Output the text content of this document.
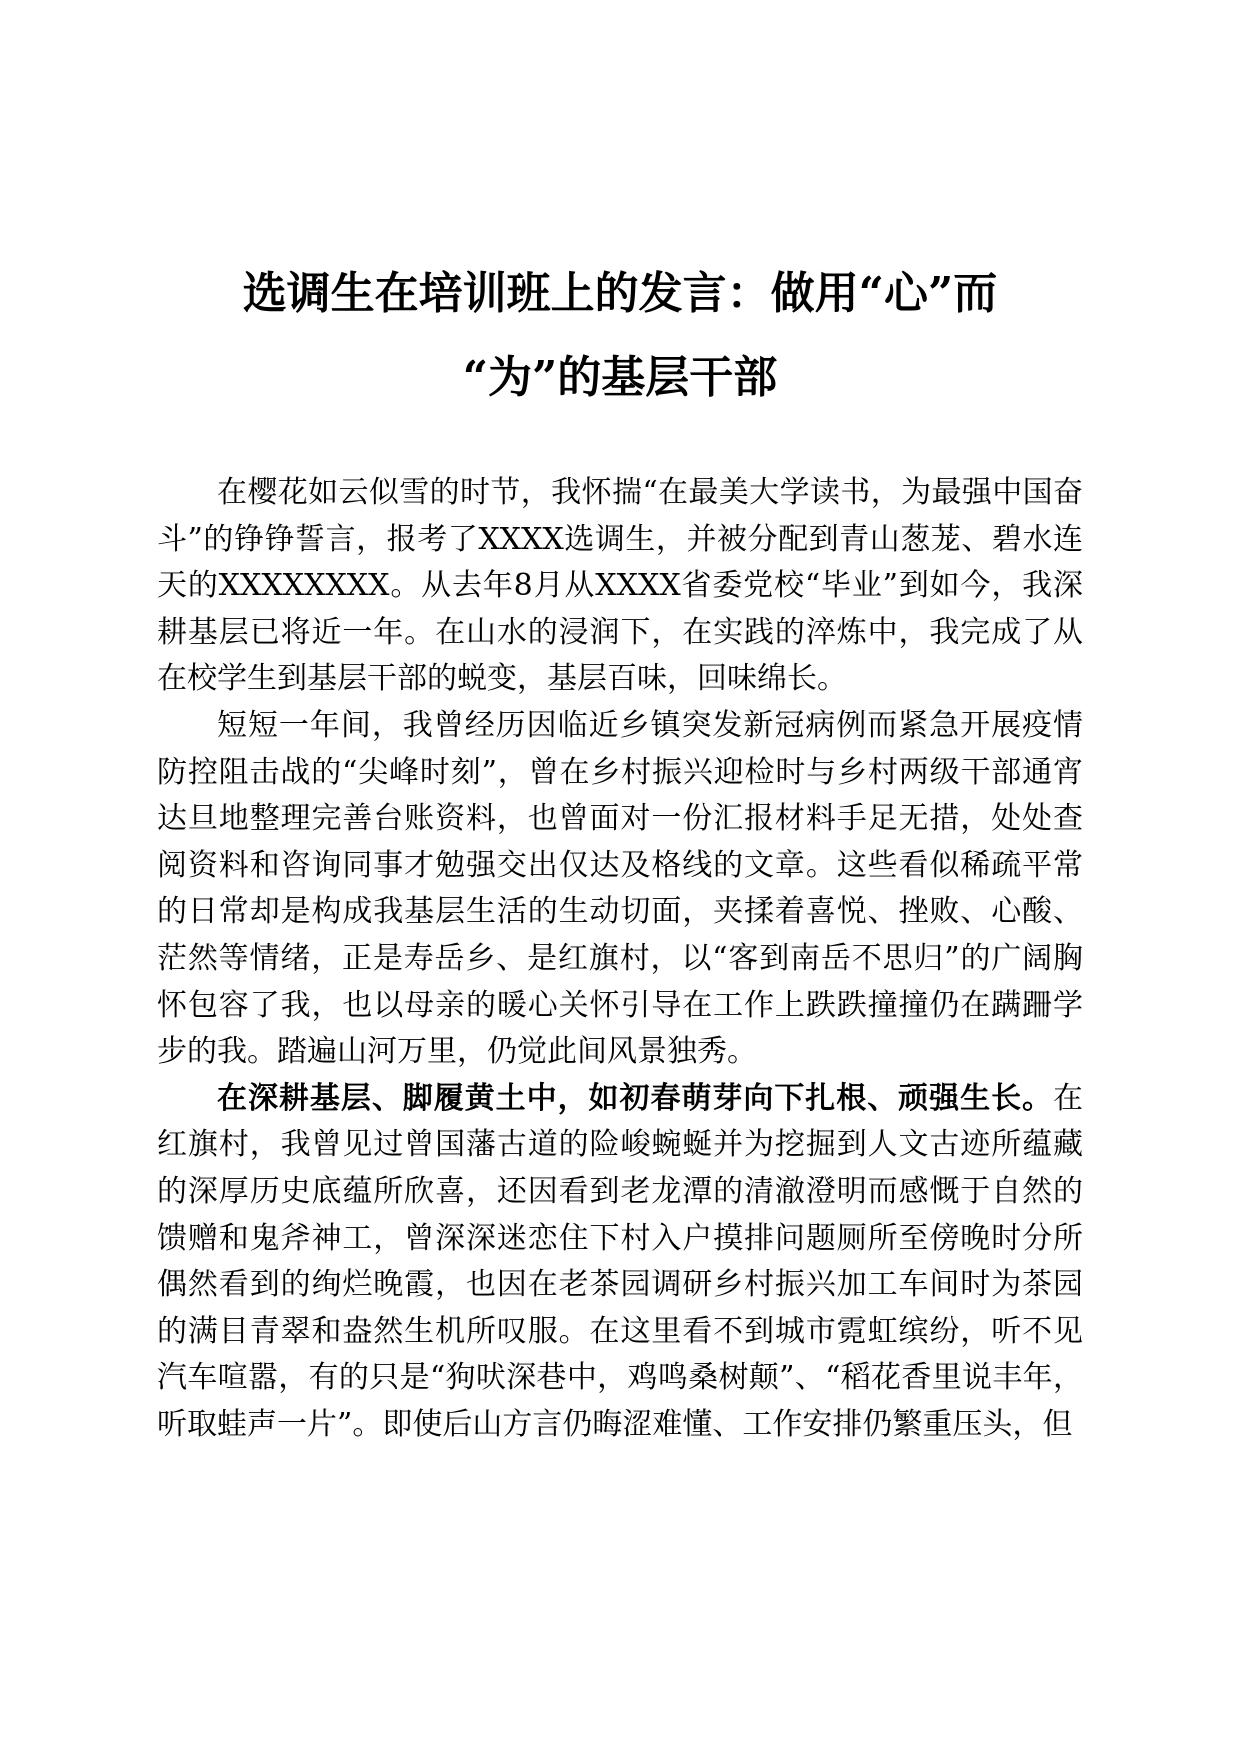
选调生在培训班上的发言：做用“心”而
“为”的基层干部

在樱花如云似雪的时节，我怀揣“在最美大学读书，为最强中国奋斗”的铮铮誓言，报考了XXXX选调生，并被分配到青山葱茏、碧水连天的XXXXXXXX。从去年8月从XXXX省委党校“毕业”到如今，我深耕基层已将近一年。在山水的浸润下，在实践的淬炼中，我完成了从在校学生到基层干部的蜕变，基层百味，回味绵长。

短短一年间，我曾经历因临近乡镇突发新冠病例而紧急开展疫情防控阻击战的“尖峰时刻”，曾在乡村振兴迎检时与乡村两级干部通宵达旦地整理完善台账资料，也曾面对一份汇报材料手足无措，处处查阅资料和咨询同事才勉强交出仅达及格线的文章。这些看似稀疏平常的日常却是构成我基层生活的生动切面，夹揉着喜悦、挫败、心酸、茫然等情绪，正是寿岳乡、是红旗村，以“客到南岳不思归”的广阔胸怀包容了我，也以母亲的暖心关怀引导在工作上跌跌撞撞仍在蹒跚学步的我。踏遍山河万里，仍觉此间风景独秀。

在深耕基层、脚履黄土中，如初春萌芽向下扎根、顽强生长。在红旗村，我曾见过曾国藩古道的险峻蜿蜒并为挖掘到人文古迹所蕴藏的深厚历史底蕴所欣喜，还因看到老龙潭的清澈澄明而感慨于自然的馈赠和鬼斧神工，曾深深迷恋住下村入户摸排问题厕所至傍晚时分所偶然看到的绚烂晚霞，也因在老茶园调研乡村振兴加工车间时为茶园的满目青翠和盎然生机所叹服。在这里看不到城市霓虹缤纷，听不见汽车喧嚣，有的只是“狗吠深巷中，鸡鸣桑树颠”、“稻花香里说丰年，听取蛙声一片”。即使后山方言仍晦涩难懂、工作安排仍繁重压头，但
